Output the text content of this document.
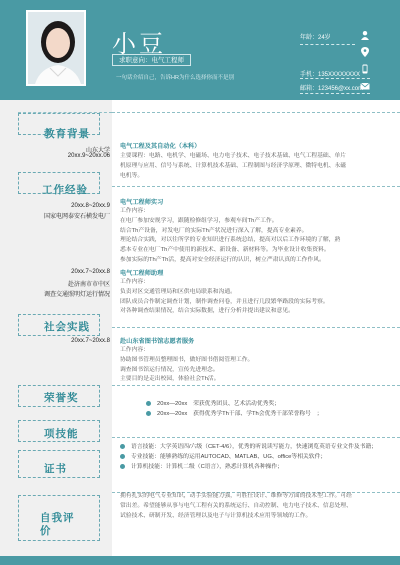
小豆
求职意向：电气工程师
一句话介绍自己，告诉HR为什么选择你而不是别
年龄：24岁
手机：135XXXXXXXX
邮箱：123456@xx.com
教育背景
山东大学
20xx.9~20xx.06
电气工程及其自动化（本科）
主要课程：电路、电机学、电磁场、电力电子技术、电子技术基础、电气工程基础、单片
机原理与应用、信号与系统、计算机技术基础、工程制图与经济学原理、微特电机、永磁
电机等。
工作经验
20xx.8~20xx.9
国家电网泰安石横发电厂
电气工程师实习
工作内容：
在电厂参加安规学习，跟随检修组学习，参观车间Th产工作。
结合Th产设备，对发电厂的实际Th产状况进行深入了解，提高专业素养。
理论结合实践，对以往所学的专业知识进行系统总结，提高对以后工作环境的了解，熟
悉本专业在电厂Th产中使用的新技术、新设备、新材料等。为毕业设计收集资料。
参加实际的Th产Th活，提高对安全经济运行的认识，树立严肃认真的工作作风。
20xx.7~20xx.8
赴济南市市中区
调查交通照明灯运行情况
电气工程师助理
工作内容：
负责对区交通管理局和区供电局联系和沟通。
团队成员合作制定调查计划，制作调查问卷，并且进行几段繁华路段的实际考察。
对各种调查结果情况，结合实际数据，进行分析并提出建议和意见。
社会实践
20xx.7~20xx.8 赴山东省图书馆志愿者服务
工作内容：
协助图书管理员整理图书，做好图书借阅管理工作。
调查图书馆运行情况，宣传先进理念。
主要目的是走出校园，体验社会Th活。
荣誉奖	20xx—20xx　荣获优秀团员、艺术活动优秀奖；
20xx—20xx　获得优秀学Th干部、学Th会优秀干部荣誉称号　；
项技能
语言技能：大学英语四/六级（CET-4/6），优秀的听说读写能力，快速浏览英语专业文件及书籍；
专业技能：能够熟练的运用AUTOCAD、MATLAB、UG、office等相关软件；
计算机技能：计算机二级（C语言），熟悉计算机各种操作；
证书
自我评价
拥有扎实的电气专业知识，动手实验能力强，可胜任设计、维修等方面的技术型工作。可经
常出差。希望能够从事与电气工程有关的系统运行、自动控制、电力电子技术、信息处理、
试验技术、研制开发、经济管理以及电子与计算机技术应用等领域的工作。
